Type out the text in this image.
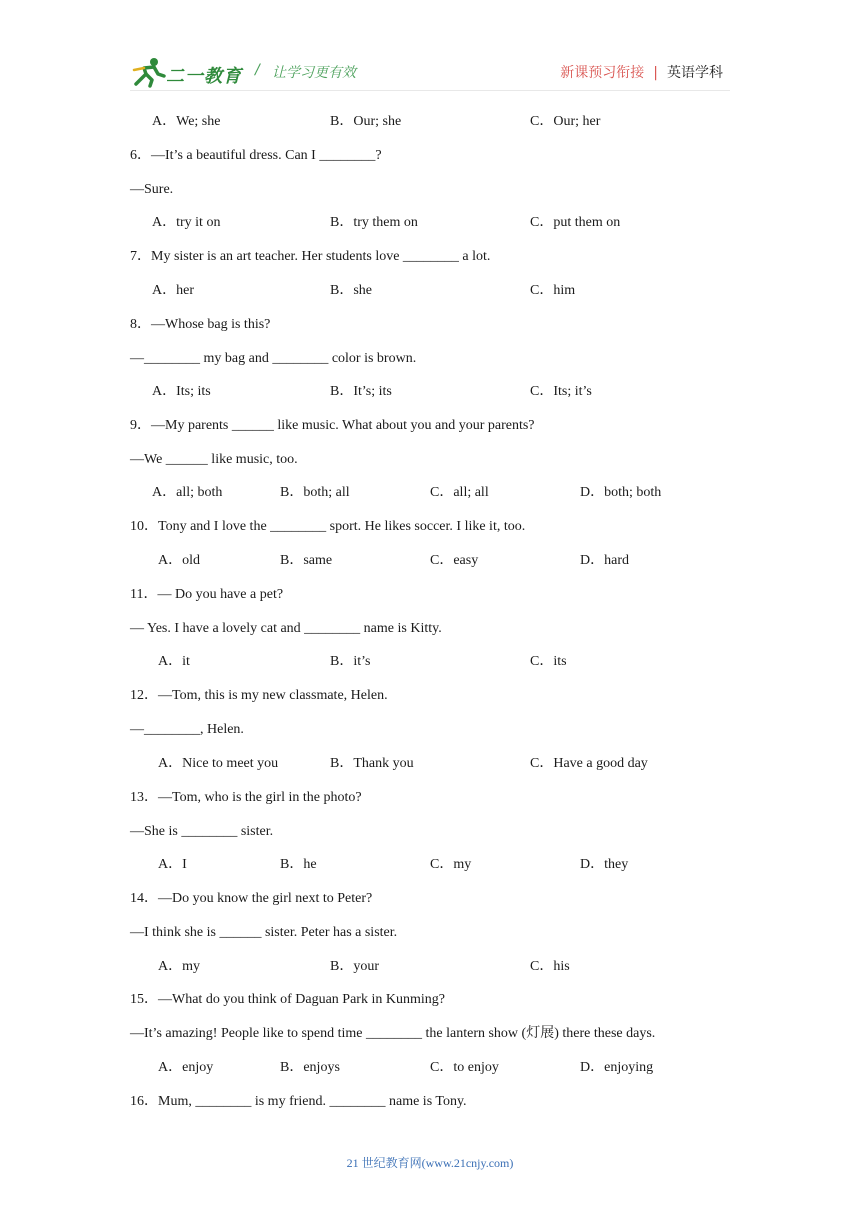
二一教育 / 让学习更有效	新课预习衔接 | 英语学科
A．We; she	B．Our; she	C．Our; her
6．—It’s a beautiful dress. Can I ________?
—Sure.
A．try it on	B．try them on	C．put them on
7．My sister is an art teacher. Her students love ________ a lot.
A．her	B．she	C．him
8．—Whose bag is this?
—________ my bag and ________ color is brown.
A．Its; its	B．It’s; its	C．Its; it’s
9．—My parents ______ like music. What about you and your parents?
—We ______ like music, too.
A．all; both	B．both; all	C．all; all	D．both; both
10．Tony and I love the ________ sport. He likes soccer. I like it, too.
A．old	B．same	C．easy	D．hard
11．— Do you have a pet?
— Yes. I have a lovely cat and ________ name is Kitty.
A．it	B．it’s	C．its
12．—Tom, this is my new classmate, Helen.
—________, Helen.
A．Nice to meet you	B．Thank you	C．Have a good day
13．—Tom, who is the girl in the photo?
—She is ________ sister.
A．I	B．he	C．my	D．they
14．—Do you know the girl next to Peter?
—I think she is ______ sister. Peter has a sister.
A．my	B．your	C．his
15．—What do you think of Daguan Park in Kunming?
—It’s amazing! People like to spend time ________ the lantern show (灯展) there these days.
A．enjoy	B．enjoys	C．to enjoy	D．enjoying
16．Mum, ________ is my friend. ________ name is Tony.
21 世纪教育网(www.21cnjy.com)
